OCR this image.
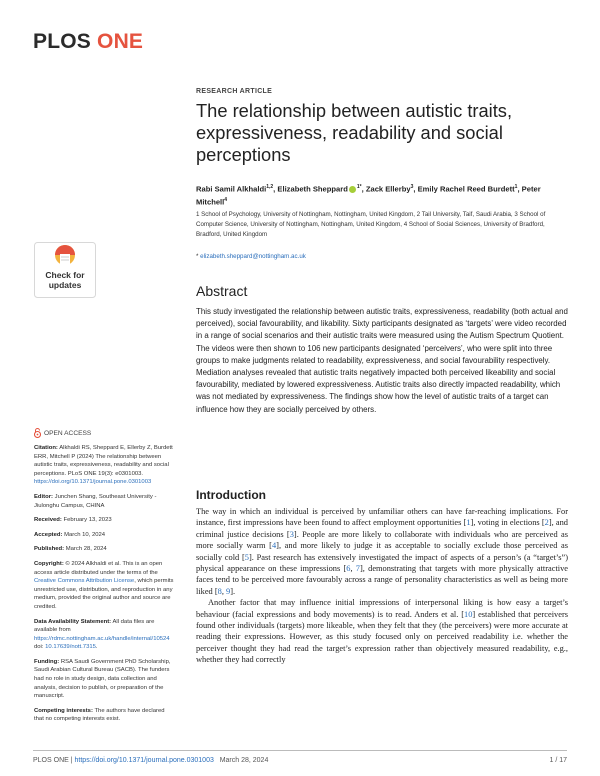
PLOS ONE
RESEARCH ARTICLE
The relationship between autistic traits, expressiveness, readability and social perceptions
Rabi Samil Alkhaldi$^{1,2}$, Elizabeth Sheppard $^{1*}$, Zack Ellerby$^3$, Emily Rachel Reed Burdett$^1$, Peter Mitchell$^4$
1 School of Psychology, University of Nottingham, Nottingham, United Kingdom, 2 Tail University, Taif, Saudi Arabia, 3 School of Computer Science, University of Nottingham, Nottingham, United Kingdom, 4 School of Social Sciences, University of Bradford, Bradford, United Kingdom
* elizabeth.sheppard@nottingham.ac.uk
Check for
updates
OPEN ACCESS
Citation: Alkhaldi RS, Sheppard E, Ellerby Z, Burdett ERR, Mitchell P (2024) The relationship between autistic traits, expressiveness, readability and social perceptions. PLoS ONE 19(3): e0301003. https://doi.org/10.1371/journal.pone.0301003
Editor: Junchen Shang, Southeast University - Jiulonghu Campus, CHINA
Received: February 13, 2023
Accepted: March 10, 2024
Published: March 28, 2024
Copyright: © 2024 Alkhaldi et al. This is an open access article distributed under the terms of the Creative Commons Attribution License, which permits unrestricted use, distribution, and reproduction in any medium, provided the original author and source are credited.
Data Availability Statement: All data files are available from https://rdmc.nottingham.ac.uk/handle/internal/10524 doi: 10.17639/nott.7315.
Funding: RSA Saudi Government PhD Scholarship, Saudi Arabian Cultural Bureau (SACB). The funders had no role in study design, data collection and analysis, decision to publish, or preparation of the manuscript.
Competing interests: The authors have declared that no competing interests exist.
Abstract
This study investigated the relationship between autistic traits, expressiveness, readability (both actual and perceived), social favourability, and likability. Sixty participants designated as ‘targets’ were video recorded in a range of social scenarios and their autistic traits were measured using the Autism Spectrum Quotient. The videos were then shown to 106 new participants designated ‘perceivers’, who were split into three groups to make judgments related to readability, expressiveness, and social favourability respectively. Mediation analyses revealed that autistic traits negatively impacted both perceived likeability and social favourability, mediated by lowered expressiveness. Autistic traits also directly impacted readability, which was not mediated by expressiveness. The findings show how the level of autistic traits of a target can influence how they are socially perceived by others.
Introduction

The way in which an individual is perceived by unfamiliar others can have far-reaching implications. For instance, first impressions have been found to affect employment opportunities [1], voting in elections [2], and criminal justice decisions [3]. People are more likely to collaborate with individuals who are perceived as more socially warm [4], and more likely to judge it as acceptable to socially exclude those perceived as socially cold [5]. Past research has extensively investigated the impact of aspects of a person’s (a “target’s”) physical appearance on these impressions [6, 7], demonstrating that targets with more physically attractive faces tend to be perceived more favourably across a range of personality characteristics as well as being more liked [8, 9].

Another factor that may influence initial impressions of interpersonal liking is how easy a target’s behaviour (facial expressions and body movements) is to read. Anders et al. [10] established that perceivers found other individuals (targets) more likeable, when they felt that they (the perceivers) were more accurate at reading their expressions. However, as this study focused only on perceived readability i.e. whether the perceiver thought they had read the target’s expression rather than objectively measured readability, e.g., whether they had correctly

PLOS ONE | https://doi.org/10.1371/journal.pone.0301003 March 28, 2024	1 / 17
